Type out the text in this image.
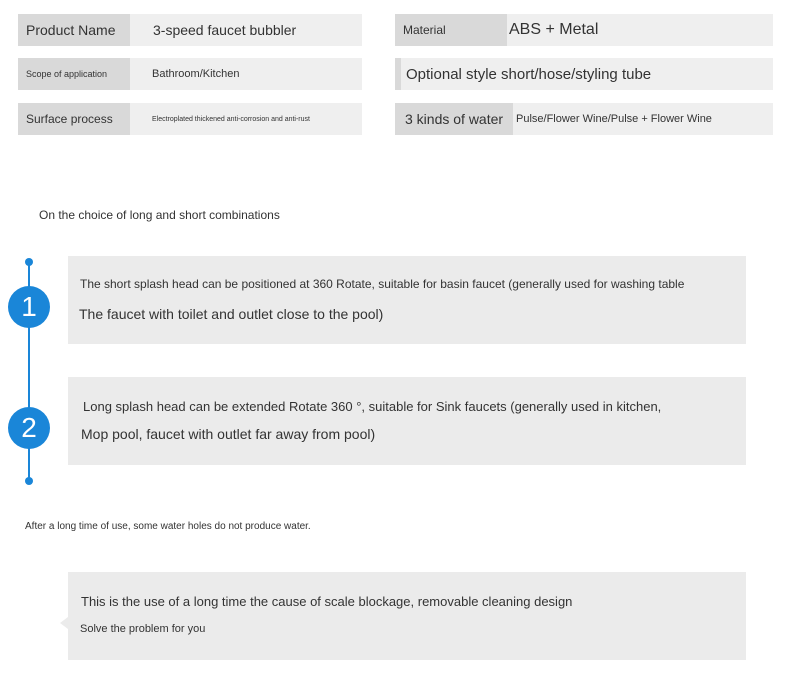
Product Name	3-speed faucet bubbler	Material	ABS + Metal
Scope of application	Bathroom/Kitchen	Optional style short/hose/styling tube
Surface process	Electroplated thickened anti-corrosion and anti-rust	3 kinds of water	Pulse/Flower Wine/Pulse + Flower Wine
On the choice of long and short combinations
1
The short splash head can be positioned at 360 Rotate, suitable for basin faucet (generally used for washing table
The faucet with toilet and outlet close to the pool)
2
Long splash head can be extended Rotate 360 °, suitable for Sink faucets (generally used in kitchen,
Mop pool, faucet with outlet far away from pool)
After a long time of use, some water holes do not produce water.
This is the use of a long time the cause of scale blockage, removable cleaning design
Solve the problem for you
